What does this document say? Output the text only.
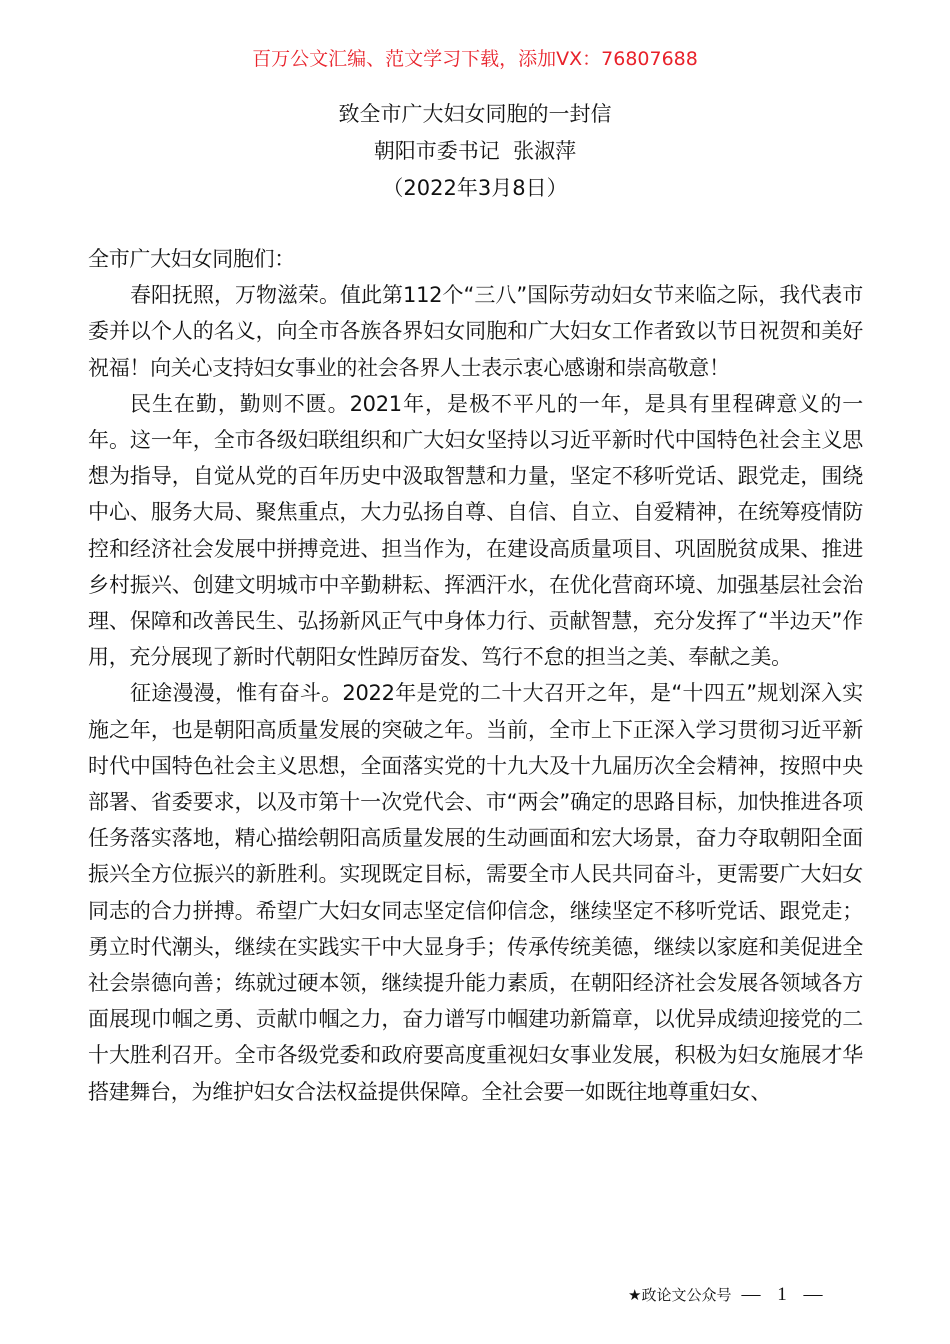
百万公文汇编、范文学习下载，添加VX：76807688
致全市广大妇女同胞的一封信
朝阳市委书记  张淑萍
（2022年3月8日）

全市广大妇女同胞们：

春阳抚照，万物滋荣。值此第112个“三八”国际劳动妇女节来临之际，我代表市委并以个人的名义，向全市各族各界妇女同胞和广大妇女工作者致以节日祝贺和美好祝福！向关心支持妇女事业的社会各界人士表示衷心感谢和崇高敬意！

民生在勤，勤则不匮。2021年，是极不平凡的一年，是具有里程碑意义的一年。这一年，全市各级妇联组织和广大妇女坚持以习近平新时代中国特色社会主义思想为指导，自觉从党的百年历史中汲取智慧和力量，坚定不移听党话、跟党走，围绕中心、服务大局、聚焦重点，大力弘扬自尊、自信、自立、自爱精神，在统筹疫情防控和经济社会发展中拼搏竞进、担当作为，在建设高质量项目、巩固脱贫成果、推进乡村振兴、创建文明城市中辛勤耕耘、挥洒汗水，在优化营商环境、加强基层社会治理、保障和改善民生、弘扬新风正气中身体力行、贡献智慧，充分发挥了“半边天”作用，充分展现了新时代朝阳女性踔厉奋发、笃行不怠的担当之美、奉献之美。

征途漫漫，惟有奋斗。2022年是党的二十大召开之年，是“十四五”规划深入实施之年，也是朝阳高质量发展的突破之年。当前，全市上下正深入学习贯彻习近平新时代中国特色社会主义思想，全面落实党的十九大及十九届历次全会精神，按照中央部署、省委要求，以及市第十一次党代会、市“两会”确定的思路目标，加快推进各项任务落实落地，精心描绘朝阳高质量发展的生动画面和宏大场景，奋力夺取朝阳全面振兴全方位振兴的新胜利。实现既定目标，需要全市人民共同奋斗，更需要广大妇女同志的合力拼搏。希望广大妇女同志坚定信仰信念，继续坚定不移听党话、跟党走；勇立时代潮头，继续在实践实干中大显身手；传承传统美德，继续以家庭和美促进全社会崇德向善；练就过硬本领，继续提升能力素质，在朝阳经济社会发展各领域各方面展现巾帼之勇、贡献巾帼之力，奋力谱写巾帼建功新篇章，以优异成绩迎接党的二十大胜利召开。全市各级党委和政府要高度重视妇女事业发展，积极为妇女施展才华搭建舞台，为维护妇女合法权益提供保障。全社会要一如既往地尊重妇女、

★政论文公众号 — 1 —
